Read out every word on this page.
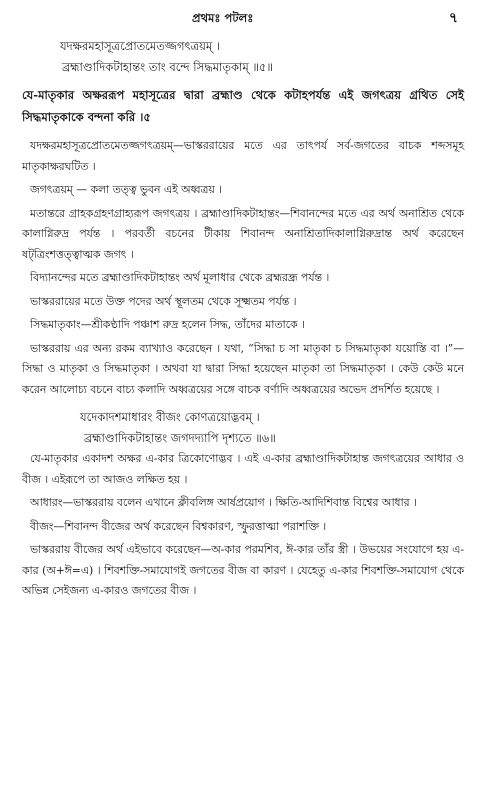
প্রথমঃ পটলঃ	৭
যদক্ষরমহাসূত্রপ্রোতমেতজ্জগৎত্রয়ম্‌ ।
ব্রহ্মাণ্ডাদিকটাহান্তং তাং বন্দে সিদ্ধমাতৃকাম্‌ ॥৫॥
যে-মাতৃকার অক্ষররূপ মহাসূত্রের দ্বারা ব্রহ্মাণ্ড থেকে কটাহপর্যন্ত এই জগৎত্রয় গ্রথিত সেই সিদ্ধমাতৃকাকে বন্দনা করি ।৫

যদক্ষরমহাসূত্রপ্রোতমেতজ্জগৎত্রয়ম্‌—ভাস্কররায়ের মতে এর তাৎপর্য সর্ব-জগতের বাচক শব্দসমূহ মাতৃকাক্ষরঘটিত ।

জগৎত্রয়ম্‌ — কলা তত্ত্ব ভুবন এই অধ্বত্রয় ।

মতান্তরে গ্রাহকগ্রহণগ্রাহ্যরূপ জগৎত্রয় । ব্রহ্মাণ্ডাদিকটাহান্তং—শিবানন্দের মতে এর অর্থ অনাশ্রিত থেকে কালাগ্নিরুদ্র পর্যন্ত । পরবর্তী বচনের টীকায় শিবানন্দ অনাশ্রিতাদিকালাগ্নিরুদ্রান্ত অর্থ করেছেন ষট্‌ত্রিংশত্তত্ত্বাত্মক জগৎ ।

বিদ্যানন্দের মতে ব্রহ্মাণ্ডাদিকটাহান্তং অর্থ মূলাধার থেকে ব্রহ্মরন্ধ্র পর্যন্ত ।

ভাস্কররায়ের মতে উক্ত পদের অর্থ স্থূলতম থেকে সূক্ষ্মতম পর্যন্ত ।

সিদ্ধমাতৃকাং—শ্রীকণ্ঠাদি পঞ্চাশ রুদ্র হলেন সিদ্ধ, তাঁদের মাতাকে ।

ভাস্কররায় এর অন্য রকম ব্যাখ্যাও করেছেন । যথা, “সিদ্ধা চ সা মাতৃকা চ সিদ্ধমাতৃকা যয়োস্তি বা ।”—সিদ্ধা ও মাতৃকা ও সিদ্ধমাতৃকা । অথবা যা দ্বারা সিদ্ধা হয়েছেন মাতৃকা তা সিদ্ধমাতৃকা । কেউ কেউ মনে করেন আলোচ্য বচনে বাচ্য কলাদি অধ্বত্রয়ের সঙ্গে বাচক বর্ণাদি অধ্বত্রয়ের অভেদ প্রদর্শিত হয়েছে ।

যদেকাদশমাধারং বীজং কোণত্রয়োদ্ভবম্‌ ।
ব্রহ্মাণ্ডাদিকটাহান্তং জগদদ্যাপি দৃশ্যতে ॥৬॥

যে-মাতৃকার একাদশ অক্ষর এ-কার ত্রিকোণোদ্ভব । এই এ-কার ব্রহ্মাণ্ডাদিকটাহান্ত জগৎত্রয়ের আধার ও বীজ । এইরূপে তা আজও লক্ষিত হয় ।

আধারং—ভাস্কররায় বলেন এখানে ক্লীবলিঙ্গ আর্ষপ্রয়োগ । ক্ষিতি-আদিশিবান্ত বিশ্বের আধার ।

বীজং—শিবানন্দ বীজের অর্থ করেছেন বিশ্বকারণ, স্ফুরত্তাত্মা পরাশক্তি ।

ভাস্কররায় বীজের অর্থ এইভাবে করেছেন—অ-কার পরমশিব, ঈ-কার তাঁর স্ত্রী । উভয়ের সংযোগে হয় এ-কার (অ+ঈ=এ) । শিবশক্তি-সমাযোগই জগতের বীজ বা কারণ । যেহেতু এ-কার শিবশক্তি-সমাযোগ থেকে অভিন্ন সেইজন্য এ-কারও জগতের বীজ ।
